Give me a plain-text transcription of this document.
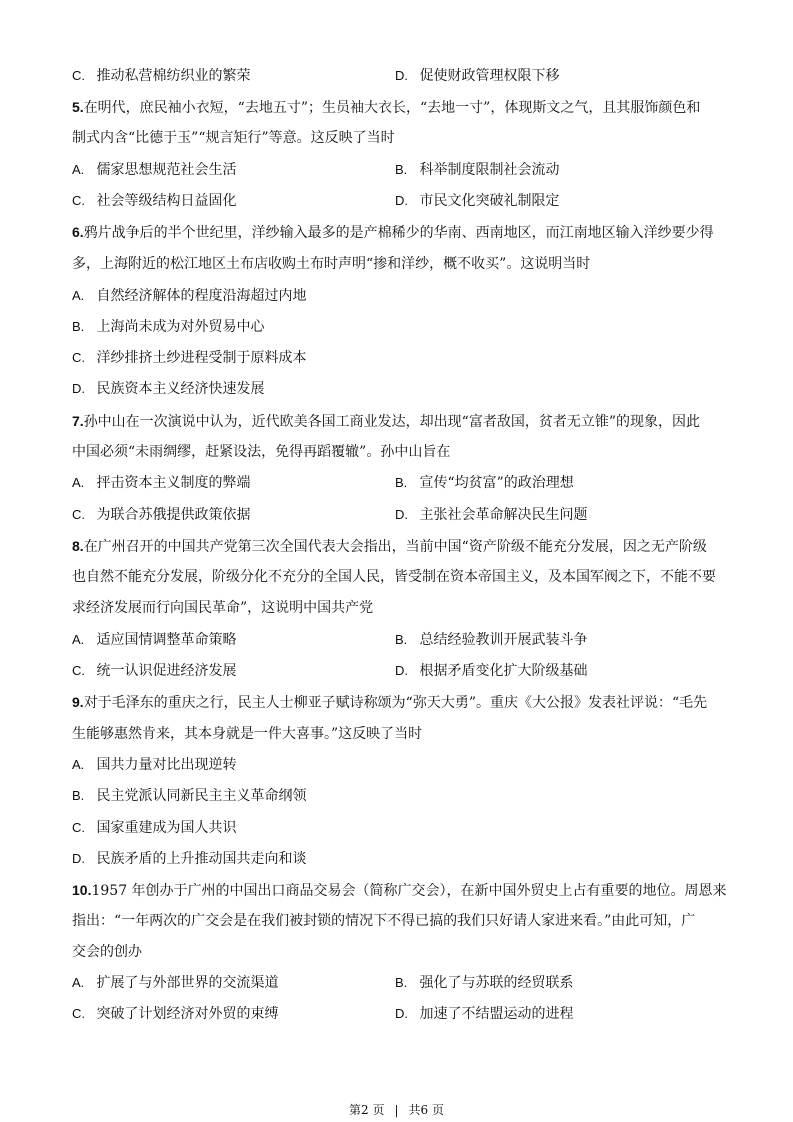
C. 推动私营棉纺织业的繁荣	D. 促使财政管理权限下移
5.在明代，庶民袖小衣短，“去地五寸”；生员袖大衣长，“去地一寸”，体现斯文之气，且其服饰颜色和
制式内含“比德于玉”“规言矩行”等意。这反映了当时
A. 儒家思想规范社会生活	B. 科举制度限制社会流动
C. 社会等级结构日益固化	D. 市民文化突破礼制限定
6.鸦片战争后的半个世纪里，洋纱输入最多的是产棉稀少的华南、西南地区，而江南地区输入洋纱要少得
多，上海附近的松江地区土布店收购土布时声明“掺和洋纱，概不收买”。这说明当时
A. 自然经济解体的程度沿海超过内地
B. 上海尚未成为对外贸易中心
C. 洋纱排挤土纱进程受制于原料成本
D. 民族资本主义经济快速发展
7.孙中山在一次演说中认为，近代欧美各国工商业发达，却出现“富者敌国，贫者无立锥”的现象，因此
中国必须“未雨绸缪，赶紧设法，免得再蹈覆辙”。孙中山旨在
A. 抨击资本主义制度的弊端	B. 宣传“均贫富”的政治理想
C. 为联合苏俄提供政策依据	D. 主张社会革命解决民生问题
8.在广州召开的中国共产党第三次全国代表大会指出，当前中国“资产阶级不能充分发展，因之无产阶级
也自然不能充分发展，阶级分化不充分的全国人民，皆受制在资本帝国主义，及本国军阀之下，不能不要
求经济发展而行向国民革命”，这说明中国共产党
A. 适应国情调整革命策略	B. 总结经验教训开展武装斗争
C. 统一认识促进经济发展	D. 根据矛盾变化扩大阶级基础
9.对于毛泽东的重庆之行，民主人士柳亚子赋诗称颂为“弥天大勇”。重庆《大公报》发表社评说：“毛先
生能够惠然肯来，其本身就是一件大喜事。”这反映了当时
A. 国共力量对比出现逆转
B. 民主党派认同新民主主义革命纲领
C. 国家重建成为国人共识
D. 民族矛盾的上升推动国共走向和谈
10.1957 年创办于广州的中国出口商品交易会（简称广交会），在新中国外贸史上占有重要的地位。周恩来
指出：“一年两次的广交会是在我们被封锁的情况下不得已搞的我们只好请人家进来看。”由此可知，广
交会的创办
A. 扩展了与外部世界的交流渠道	B. 强化了与苏联的经贸联系
C. 突破了计划经济对外贸的束缚	D. 加速了不结盟运动的进程
第2 页 | 共6 页
